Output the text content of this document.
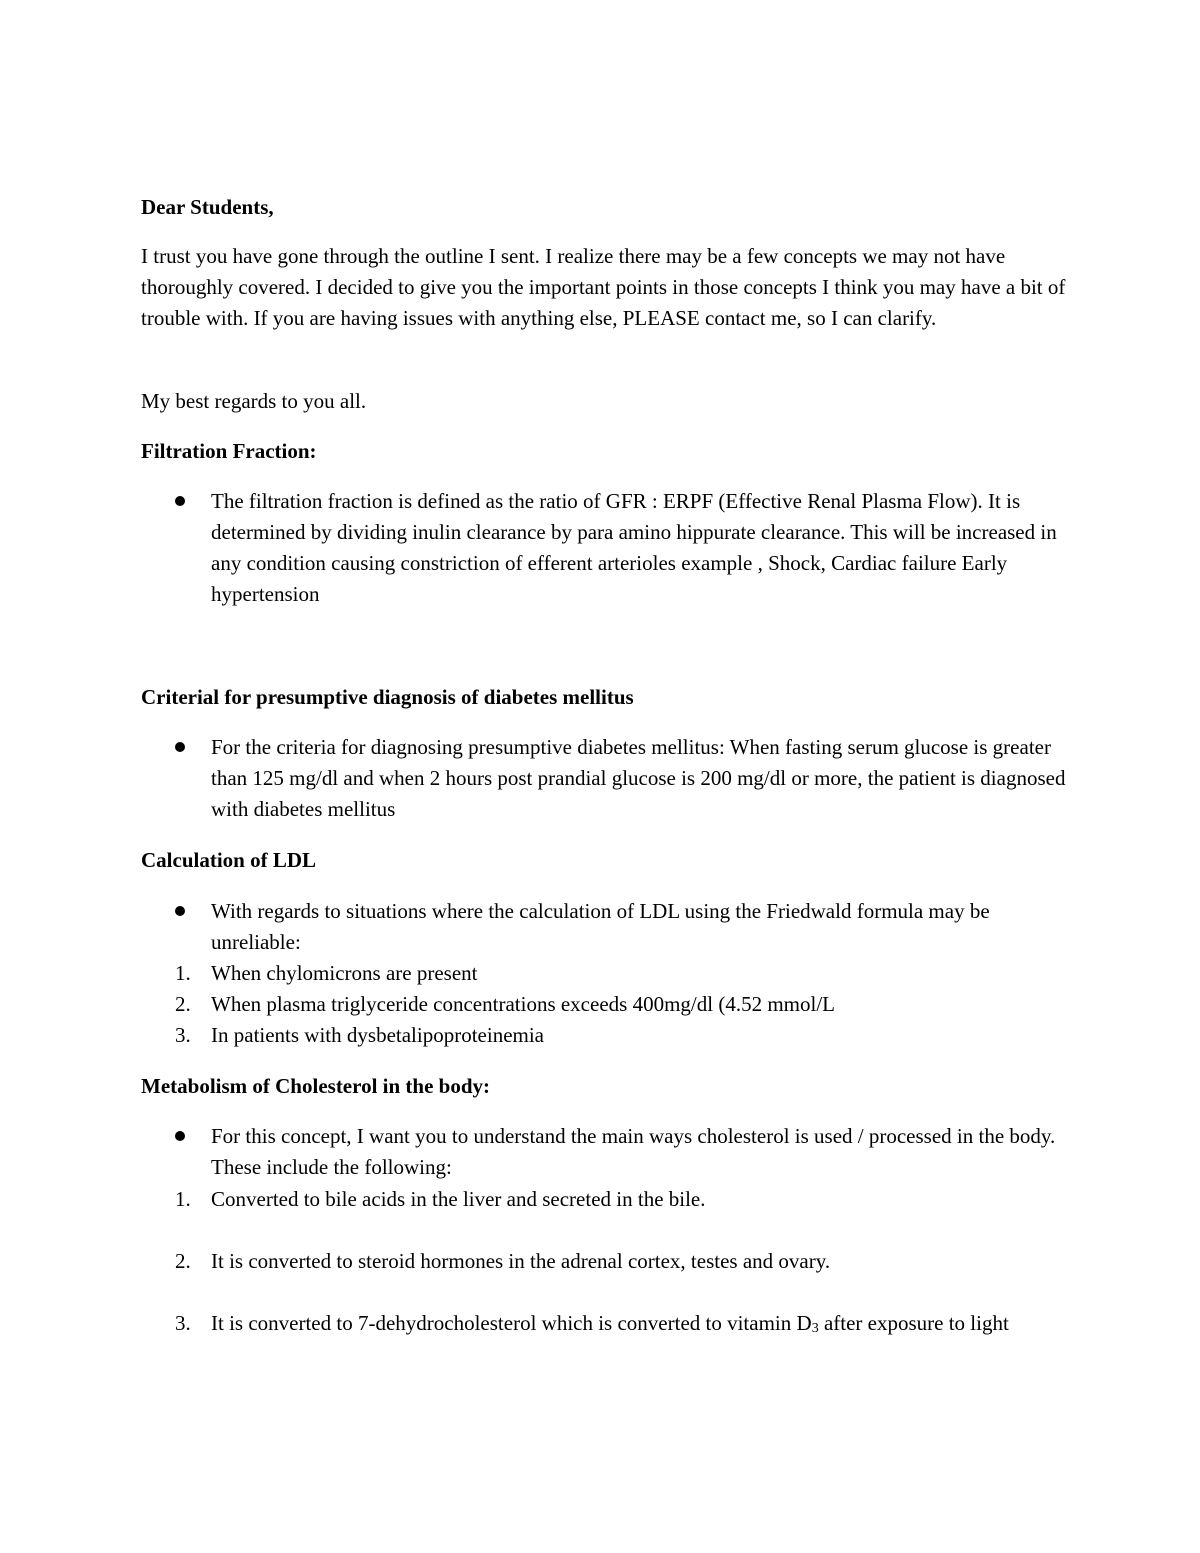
Dear Students,

I trust you have gone through the outline I sent. I realize there may be a few concepts we may not have thoroughly covered. I decided to give you the important points in those concepts I think you may have a bit of trouble with. If you are having issues with anything else, PLEASE contact me, so I can clarify.

My best regards to you all.

Filtration Fraction:

The filtration fraction is defined as the ratio of GFR : ERPF (Effective Renal Plasma Flow). It is determined by dividing inulin clearance by para amino hippurate clearance. This will be increased in any condition causing constriction of efferent arterioles example , Shock, Cardiac failure Early hypertension

Criterial for presumptive diagnosis of diabetes mellitus

For the criteria for diagnosing presumptive diabetes mellitus: When fasting serum glucose is greater than 125 mg/dl and when 2 hours post prandial glucose is 200 mg/dl or more, the patient is diagnosed with diabetes mellitus

Calculation of LDL

With regards to situations where the calculation of LDL using the Friedwald formula may be unreliable:

1. When chylomicrons are present

2. When plasma triglyceride concentrations exceeds 400mg/dl (4.52 mmol/L

3. In patients with dysbetalipoproteinemia

Metabolism of Cholesterol in the body:

For this concept, I want you to understand the main ways cholesterol is used / processed in the body. These include the following:

1. Converted to bile acids in the liver and secreted in the bile.

2. It is converted to steroid hormones in the adrenal cortex, testes and ovary.

3. It is converted to 7-dehydrocholesterol which is converted to vitamin $D_3$ after exposure to light
